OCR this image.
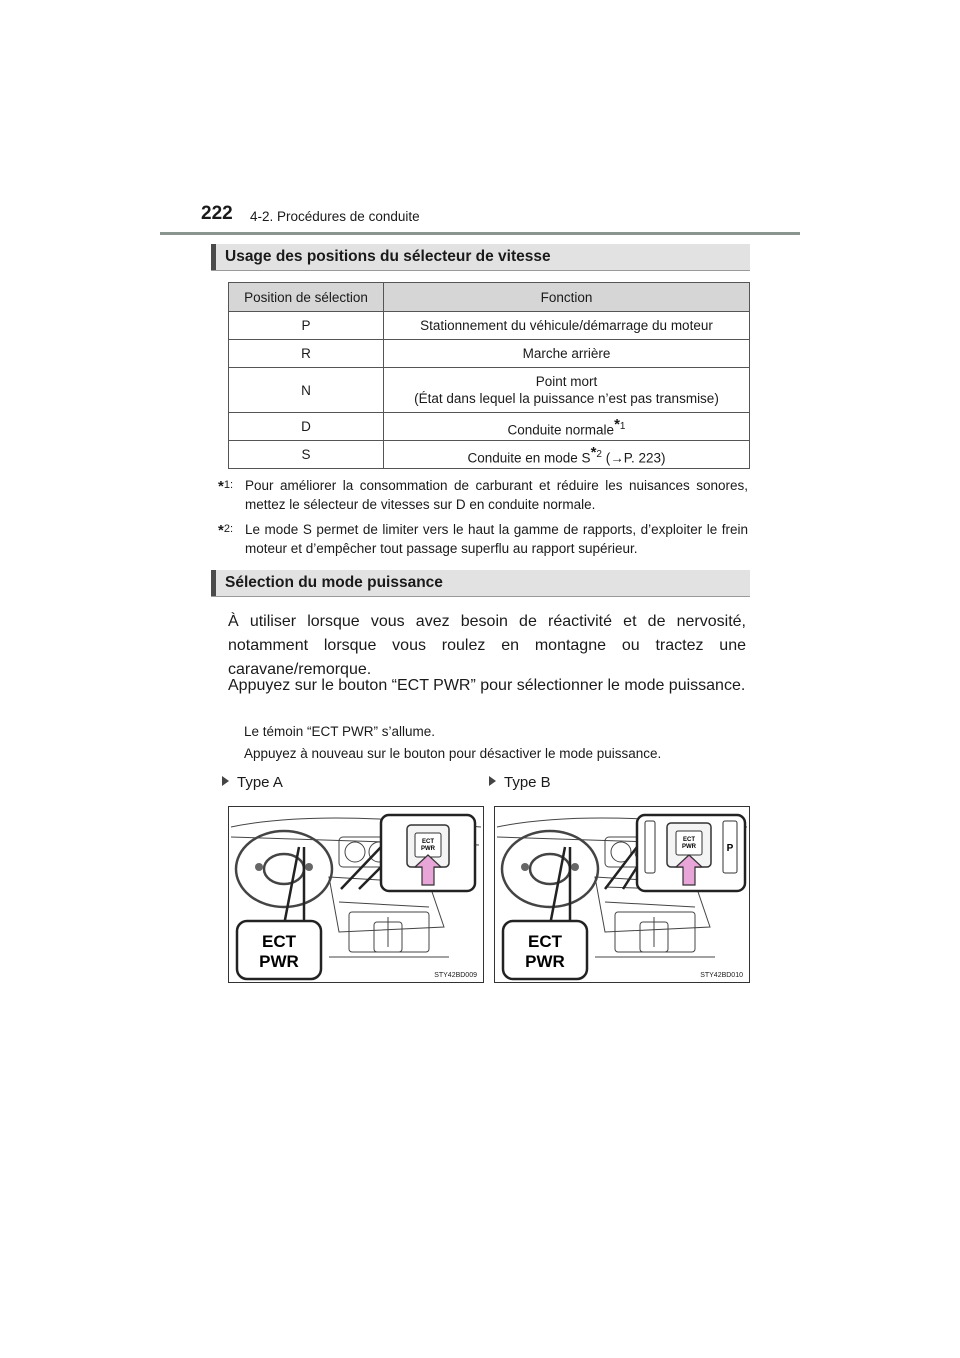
222 4-2. Procédures de conduite
Usage des positions du sélecteur de vitesse
Position de sélection	Fonction
P	Stationnement du véhicule/démarrage du moteur
R	Marche arrière
N	Point mort
(État dans lequel la puissance n’est pas transmise)
D	Conduite normale$^{*1}$
S	Conduite en mode $S^{*2}$ (→P. 223)
*$^{1:}$ Pour améliorer la consommation de carburant et réduire les nuisances sonores, mettez le sélecteur de vitesses sur D en conduite normale.
*$^{2:}$ Le mode S permet de limiter vers le haut la gamme de rapports, d’exploiter le frein moteur et d’empêcher tout passage superflu au rapport supérieur.
Sélection du mode puissance
À utiliser lorsque vous avez besoin de réactivité et de nervosité, notamment lorsque vous roulez en montagne ou tractez une caravane/remorque.
Appuyez sur le bouton “ECT PWR” pour sélectionner le mode puissance.
Le témoin “ECT PWR” s’allume.
Appuyez à nouveau sur le bouton pour désactiver le mode puissance.
Type A	Type B
ECT
PWR
ECT
PWR
STY42BD009
ECT
PWR	P
ECT
PWR
STY42BD010
